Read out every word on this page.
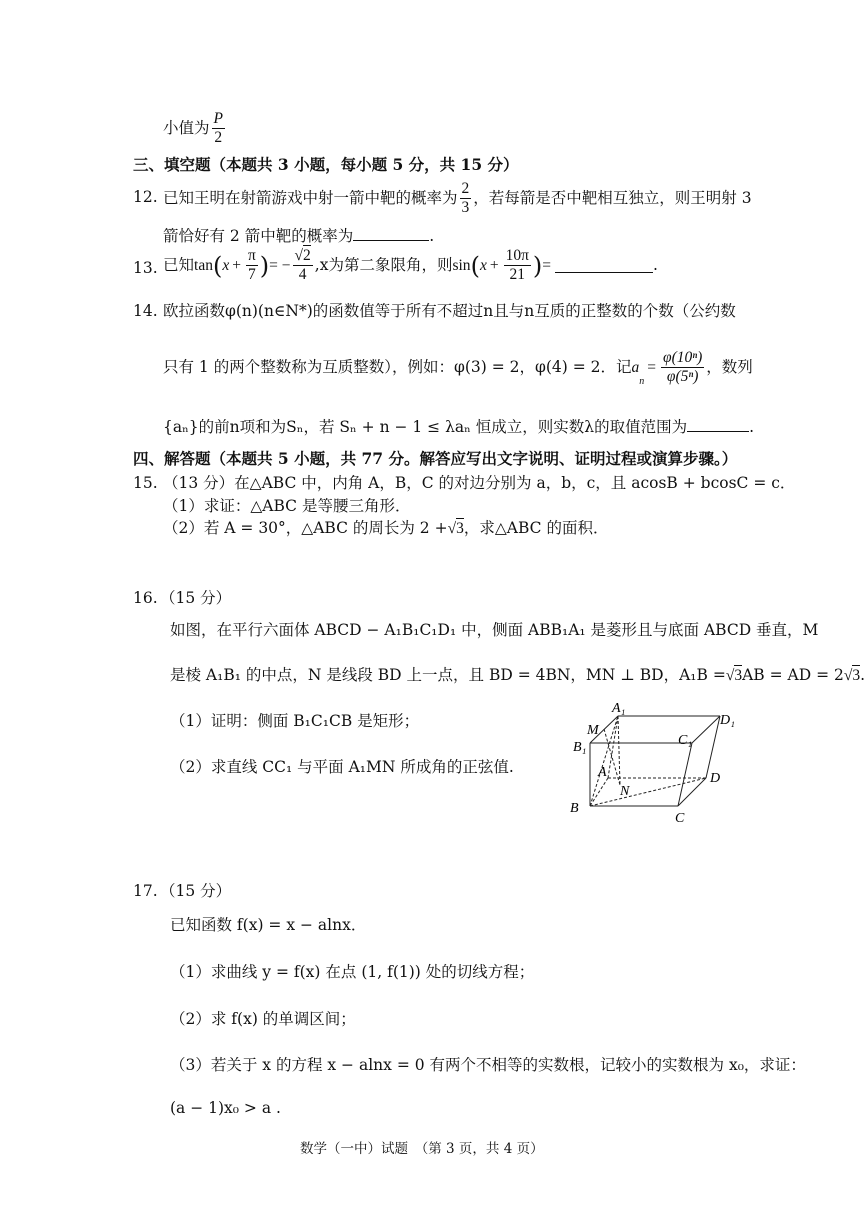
小值为 $\frac{P}{2}$
三、填空题（本题共 3 小题，每小题 5 分，共 15 分）
12. 已知王明在射箭游戏中射一箭中靶的概率为 $\frac{2}{3}$ ，若每箭是否中靶相互独立，则王明射 3
箭恰好有 2 箭中靶的概率为	.
13. 已知$\tan(x + \frac{\pi}{7}$ )= − $\frac{√2}{4} ,x$为第二象限角，则$\sin(x + \frac{10\pi}{21}$ )=	.
14. 欧拉函数φ(n)(n∈N*)的函数值等于所有不超过n且与n互质的正整数的个数（公约数
只有 1 的两个整数称为互质整数），例如：φ(3) = 2，φ(4) = 2．记$a_n= \frac{\text{φ(10ⁿ)}}{\text{φ(5ⁿ)}}$ ，数列
{aₙ}的前n项和为Sₙ，若 Sₙ + n − 1 ≤ λaₙ 恒成立，则实数λ的取值范围为	.
四、解答题（本题共 5 小题，共 77 分。解答应写出文字说明、证明过程或演算步骤。）
15. （13 分）在△ABC 中，内角 A，B，C 的对边分别为 a，b，c，且 acosB + bcosC = c．
（1）求证：△ABC 是等腰三角形．
（2）若 A = 30°，△ABC 的周长为 2 +√3，求△ABC 的面积．
16. （15 分）
如图，在平行六面体 ABCD − A₁B₁C₁D₁ 中，侧面 ABB₁A₁ 是菱形且与底面 ABCD 垂直，M
是棱 A₁B₁ 的中点，N 是线段 BD 上一点，且 BD = 4BN，MN ⊥ BD，A₁B =√3AB = AD = 2√3.
（1）证明：侧面 B₁C₁CB 是矩形；
（2）求直线 CC₁ 与平面 A₁MN 所成角的正弦值.
A₁
D₁
M
B₁	C₁
A	D
N
B
C
17. （15 分）
已知函数 f(x) = x − alnx．
（1）求曲线 y = f(x) 在点 (1, f(1)) 处的切线方程；
（2）求 f(x) 的单调区间；
（3）若关于 x 的方程 x − alnx = 0 有两个不相等的实数根，记较小的实数根为 x₀，求证：
(a − 1)x₀ > a .
数学（一中）试题　（第 3 页，共 4 页）
